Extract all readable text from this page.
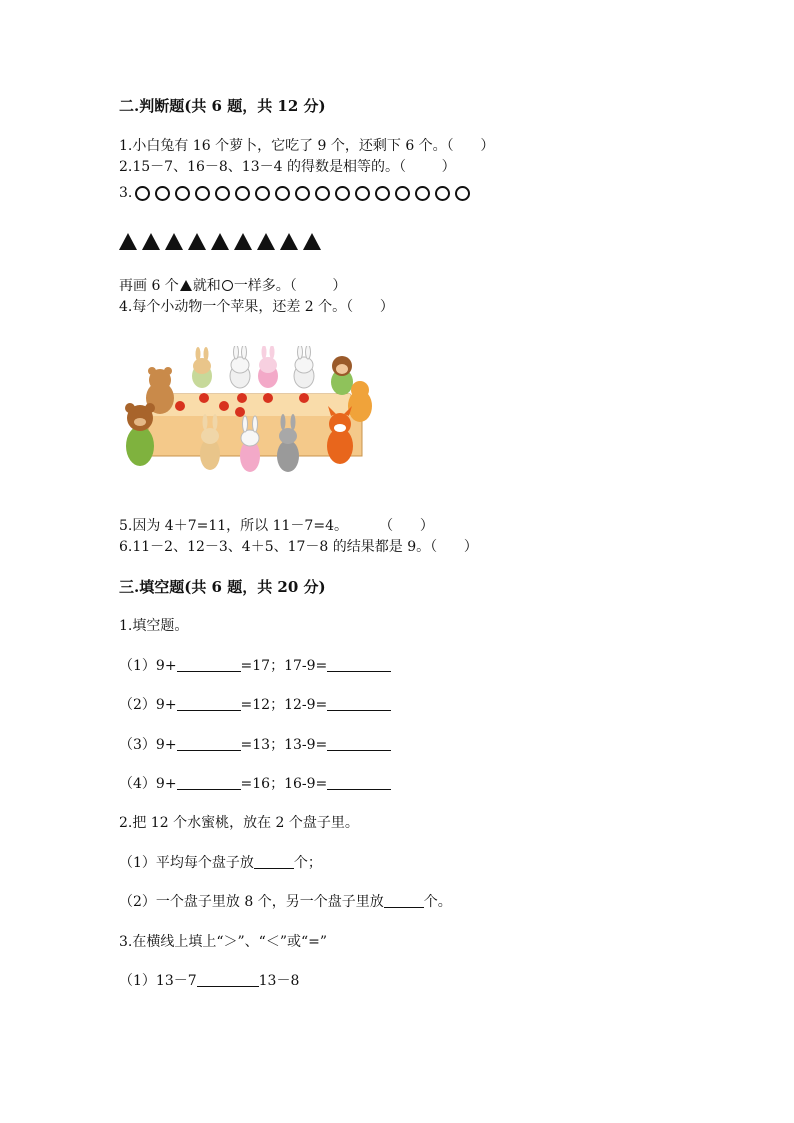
二.判断题(共 6 题，共 12 分)
1.小白兔有 16 个萝卜，它吃了 9 个，还剩下 6 个。（      ）
2.15－7、16－8、13－4 的得数是相等的。（        ）
3.
再画 6 个 就和 一样多。（        ）
4.每个小动物一个苹果，还差 2 个。（      ）
5.因为 4＋7=11，所以 11－7=4。       （      ）
6.11－2、12－3、4＋5、17－8 的结果都是 9。（      ）
三.填空题(共 6 题，共 20 分)
1.填空题。
（1）9+	=17；17-9=
（2）9+	=12；12-9=
（3）9+	=13；13-9=
（4）9+	=16；16-9=
2.把 12 个水蜜桃，放在 2 个盘子里。
（1）平均每个盘子放	个；
（2）一个盘子里放 8 个，另一个盘子里放	个。
3.在横线上填上“＞”、“＜”或“=”
（1）13－7	13－8
